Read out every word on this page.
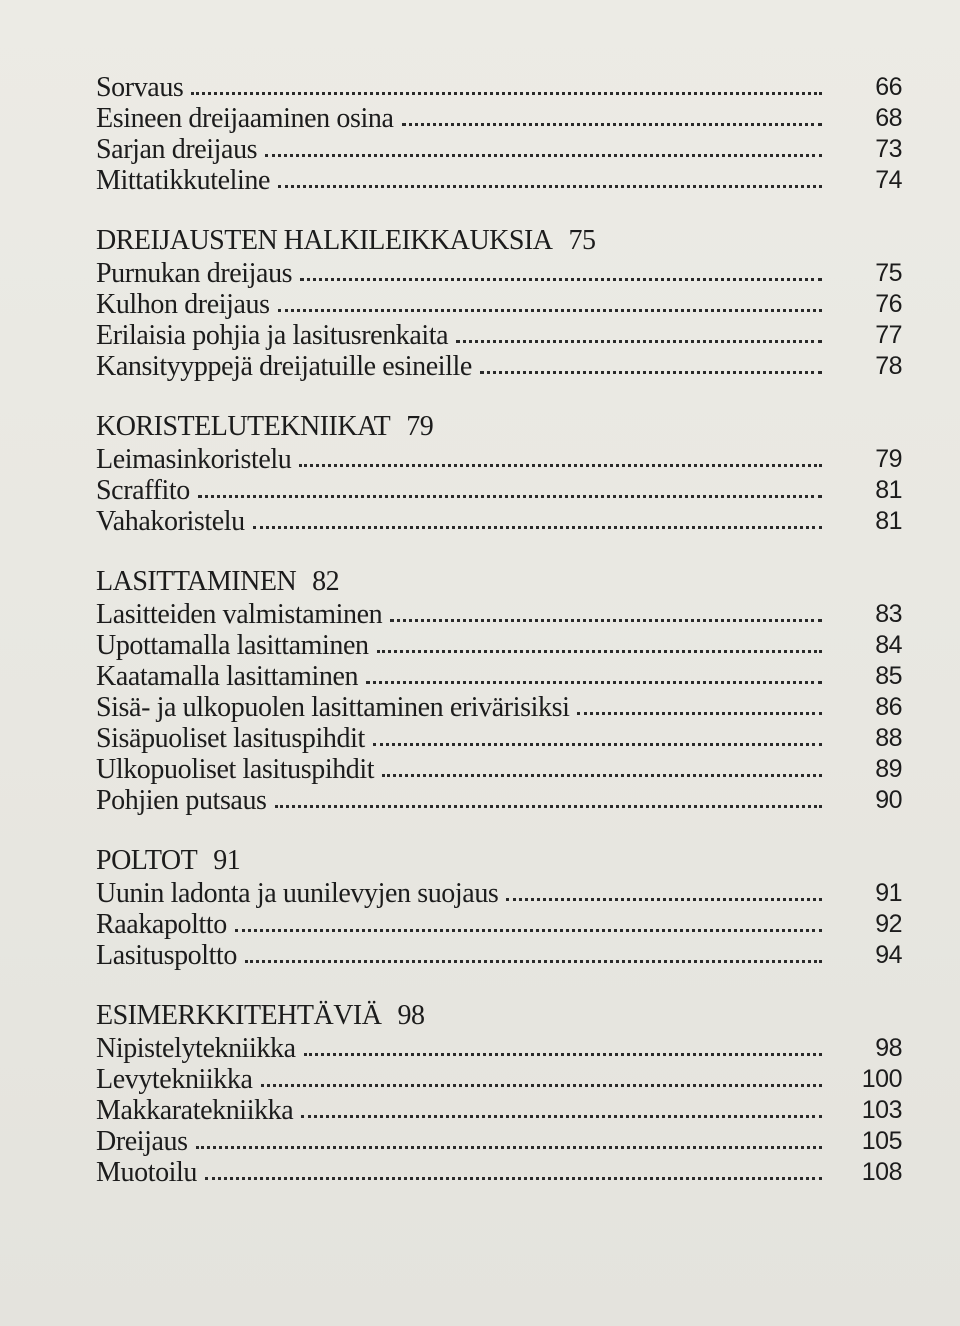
Sorvaus	66
Esineen dreijaaminen osina	68
Sarjan dreijaus	73
Mittatikkuteline	74
DREIJAUSTEN HALKILEIKKAUKSIA 75
Purnukan dreijaus	75
Kulhon dreijaus	76
Erilaisia pohjia ja lasitusrenkaita	77
Kansityyppejä dreijatuille esineille	78
KORISTELUTEKNIIKAT 79
Leimasinkoristelu	79
Scraffito	81
Vahakoristelu	81
LASITTAMINEN 82
Lasitteiden valmistaminen	83
Upottamalla lasittaminen	84
Kaatamalla lasittaminen	85
Sisä- ja ulkopuolen lasittaminen erivärisiksi	86
Sisäpuoliset lasituspihdit	88
Ulkopuoliset lasituspihdit	89
Pohjien putsaus	90
POLTOT 91
Uunin ladonta ja uunilevyjen suojaus	91
Raakapoltto	92
Lasituspoltto	94
ESIMERKKITEHTÄVIÄ 98
Nipistelytekniikka	98
Levytekniikka	100
Makkaratekniikka	103
Dreijaus	105
Muotoilu	108
